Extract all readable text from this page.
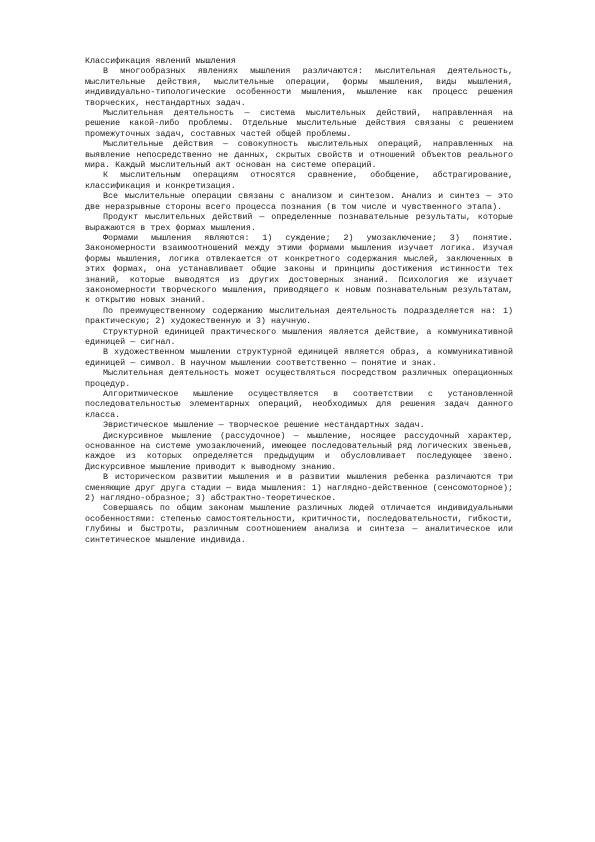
Классификация явлений мышления

В многообразных явлениях мышления различаются: мыслительная деятельность, мыслительные действия, мыслительные операции, формы мышления, виды мышления, индивидуально-типологические особенности мышления, мышление как процесс решения творческих, нестандартных задач.

Мыслительная деятельность — система мыслительных действий, направленная на решение какой-либо проблемы. Отдельные мыслительные действия связаны с решением промежуточных задач, составных частей общей проблемы.

Мыслительные действия — совокупность мыслительных операций, направленных на выявление непосредственно не данных, скрытых свойств и отношений объектов реального мира. Каждый мыслительный акт основан на системе операций.

К мыслительным операциям относятся сравнение, обобщение, абстрагирование, классификация и конкретизация.

Все мыслительные операции связаны с анализом и синтезом. Анализ и синтез — это две неразрывные стороны всего процесса познания (в том числе и чувственного этапа).

Продукт мыслительных действий — определенные познавательные результаты, которые выражаются в трех формах мышления.

Формами мышления являются: 1) суждение; 2) умозаключение; 3) понятие. Закономерности взаимоотношений между этими формами мышления изучает логика. Изучая формы мышления, логика отвлекается от конкретного содержания мыслей, заключенных в этих формах, она устанавливает общие законы и принципы достижения истинности тех знаний, которые выводятся из других достоверных знаний. Психология же изучает закономерности творческого мышления, приводящего к новым познавательным результатам, к открытию новых знаний.

По преимущественному содержанию мыслительная деятельность подразделяется на: 1) практическую; 2) художественную и 3) научную.

Структурной единицей практического мышления является действие, а коммуникативной единицей — сигнал.

В художественном мышлении структурной единицей является образ, а коммуникативной единицей — символ. В научном мышлении соответственно — понятие и знак.

Мыслительная деятельность может осуществляться посредством различных операционных процедур.

Алгоритмическое мышление осуществляется в соответствии с установленной последовательностью элементарных операций, необходимых для решения задач данного класса.

Эвристическое мышление — творческое решение нестандартных задач.

Дискурсивное мышление (рассудочное) — мышление, носящее рассудочный характер, основанное на системе умозаключений, имеющее последовательный ряд логических звеньев, каждое из которых определяется предыдущим и обусловливает последующее звено. Дискурсивное мышление приводит к выводному знанию.

В историческом развитии мышления и в развитии мышления ребенка различаются три сменяющие друг друга стадии — вида мышления: 1) наглядно-действенное (сенсомоторное); 2) наглядно-образное; 3) абстрактно-теоретическое.

Совершаясь по общим законам мышление различных людей отличается индивидуальными особенностями: степенью самостоятельности, критичности, последовательности, гибкости, глубины и быстроты, различным соотношением анализа и синтеза — аналитическое или синтетическое мышление индивида.
